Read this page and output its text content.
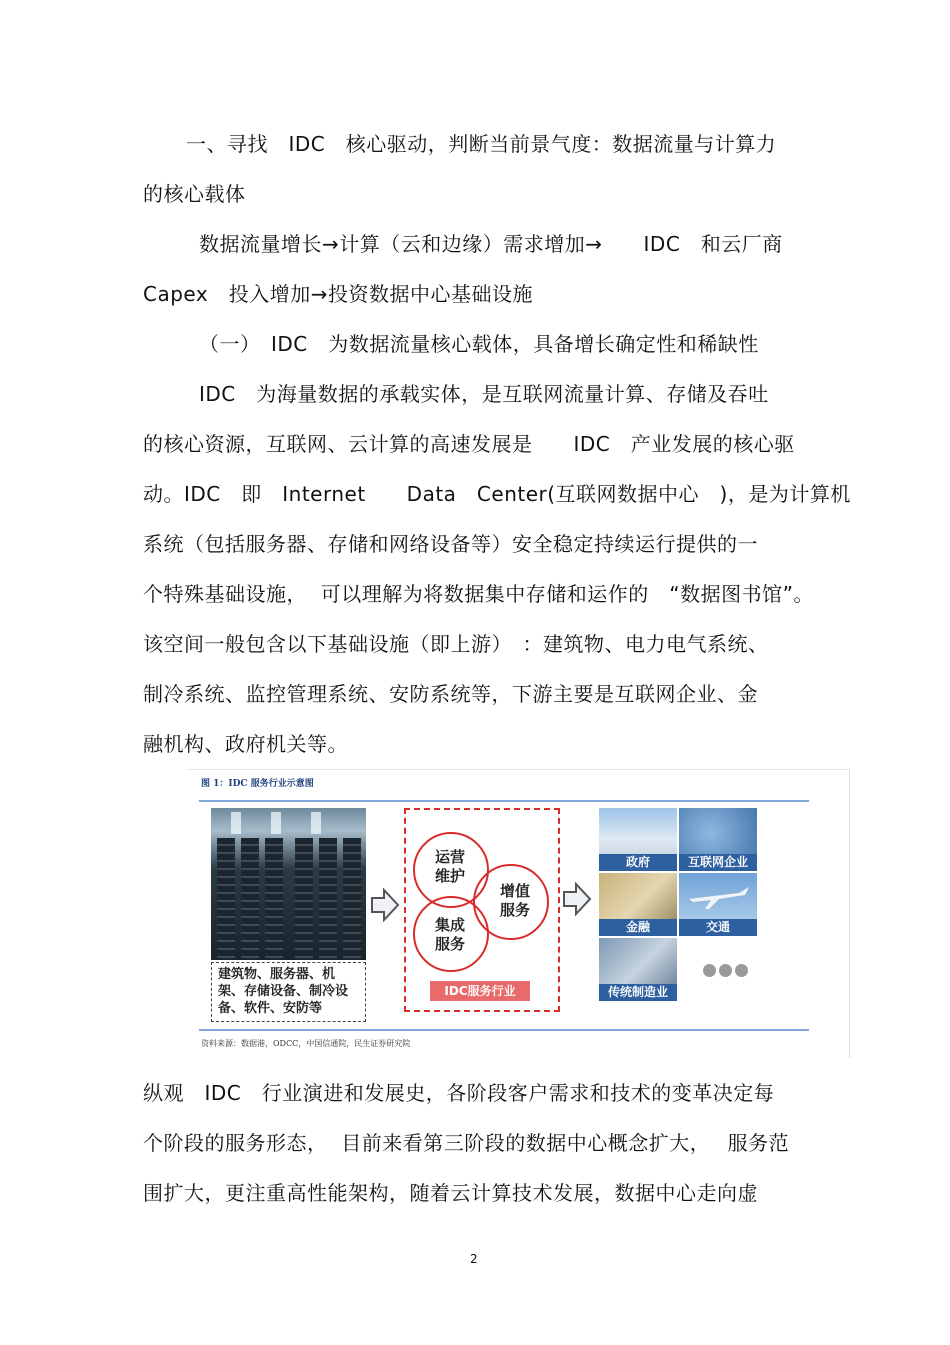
一、寻找　IDC　核心驱动，判断当前景气度：数据流量与计算力
的核心载体
数据流量增长→计算（云和边缘）需求增加→　　IDC　和云厂商
Capex　投入增加→投资数据中心基础设施
（一）　IDC　为数据流量核心载体，具备增长确定性和稀缺性
IDC　为海量数据的承载实体，是互联网流量计算、存储及吞吐
的核心资源，互联网、云计算的高速发展是　　IDC　产业发展的核心驱
动。IDC　即　Internet　　Data　Center(互联网数据中心　)，是为计算机
系统（包括服务器、存储和网络设备等）安全稳定持续运行提供的一
个特殊基础设施，  可以理解为将数据集中存储和运作的　“数据图书馆”。
该空间一般包含以下基础设施（即上游）　：建筑物、电力电气系统、
制冷系统、监控管理系统、安防系统等，下游主要是互联网企业、金
融机构、政府机关等。
图 1：IDC 服务行业示意图
建筑物、服务器、机架、存储设备、制冷设备、软件、安防等
运营维护
增值服务
集成服务
IDC服务行业
政府	互联网企业
金融	交通
传统制造业
资料来源：数据港，ODCC，中国信通院，民生证券研究院
纵观　IDC　行业演进和发展史，各阶段客户需求和技术的变革决定每
个阶段的服务形态，  目前来看第三阶段的数据中心概念扩大，　 服务范
围扩大，更注重高性能架构，随着云计算技术发展，数据中心走向虚
2
